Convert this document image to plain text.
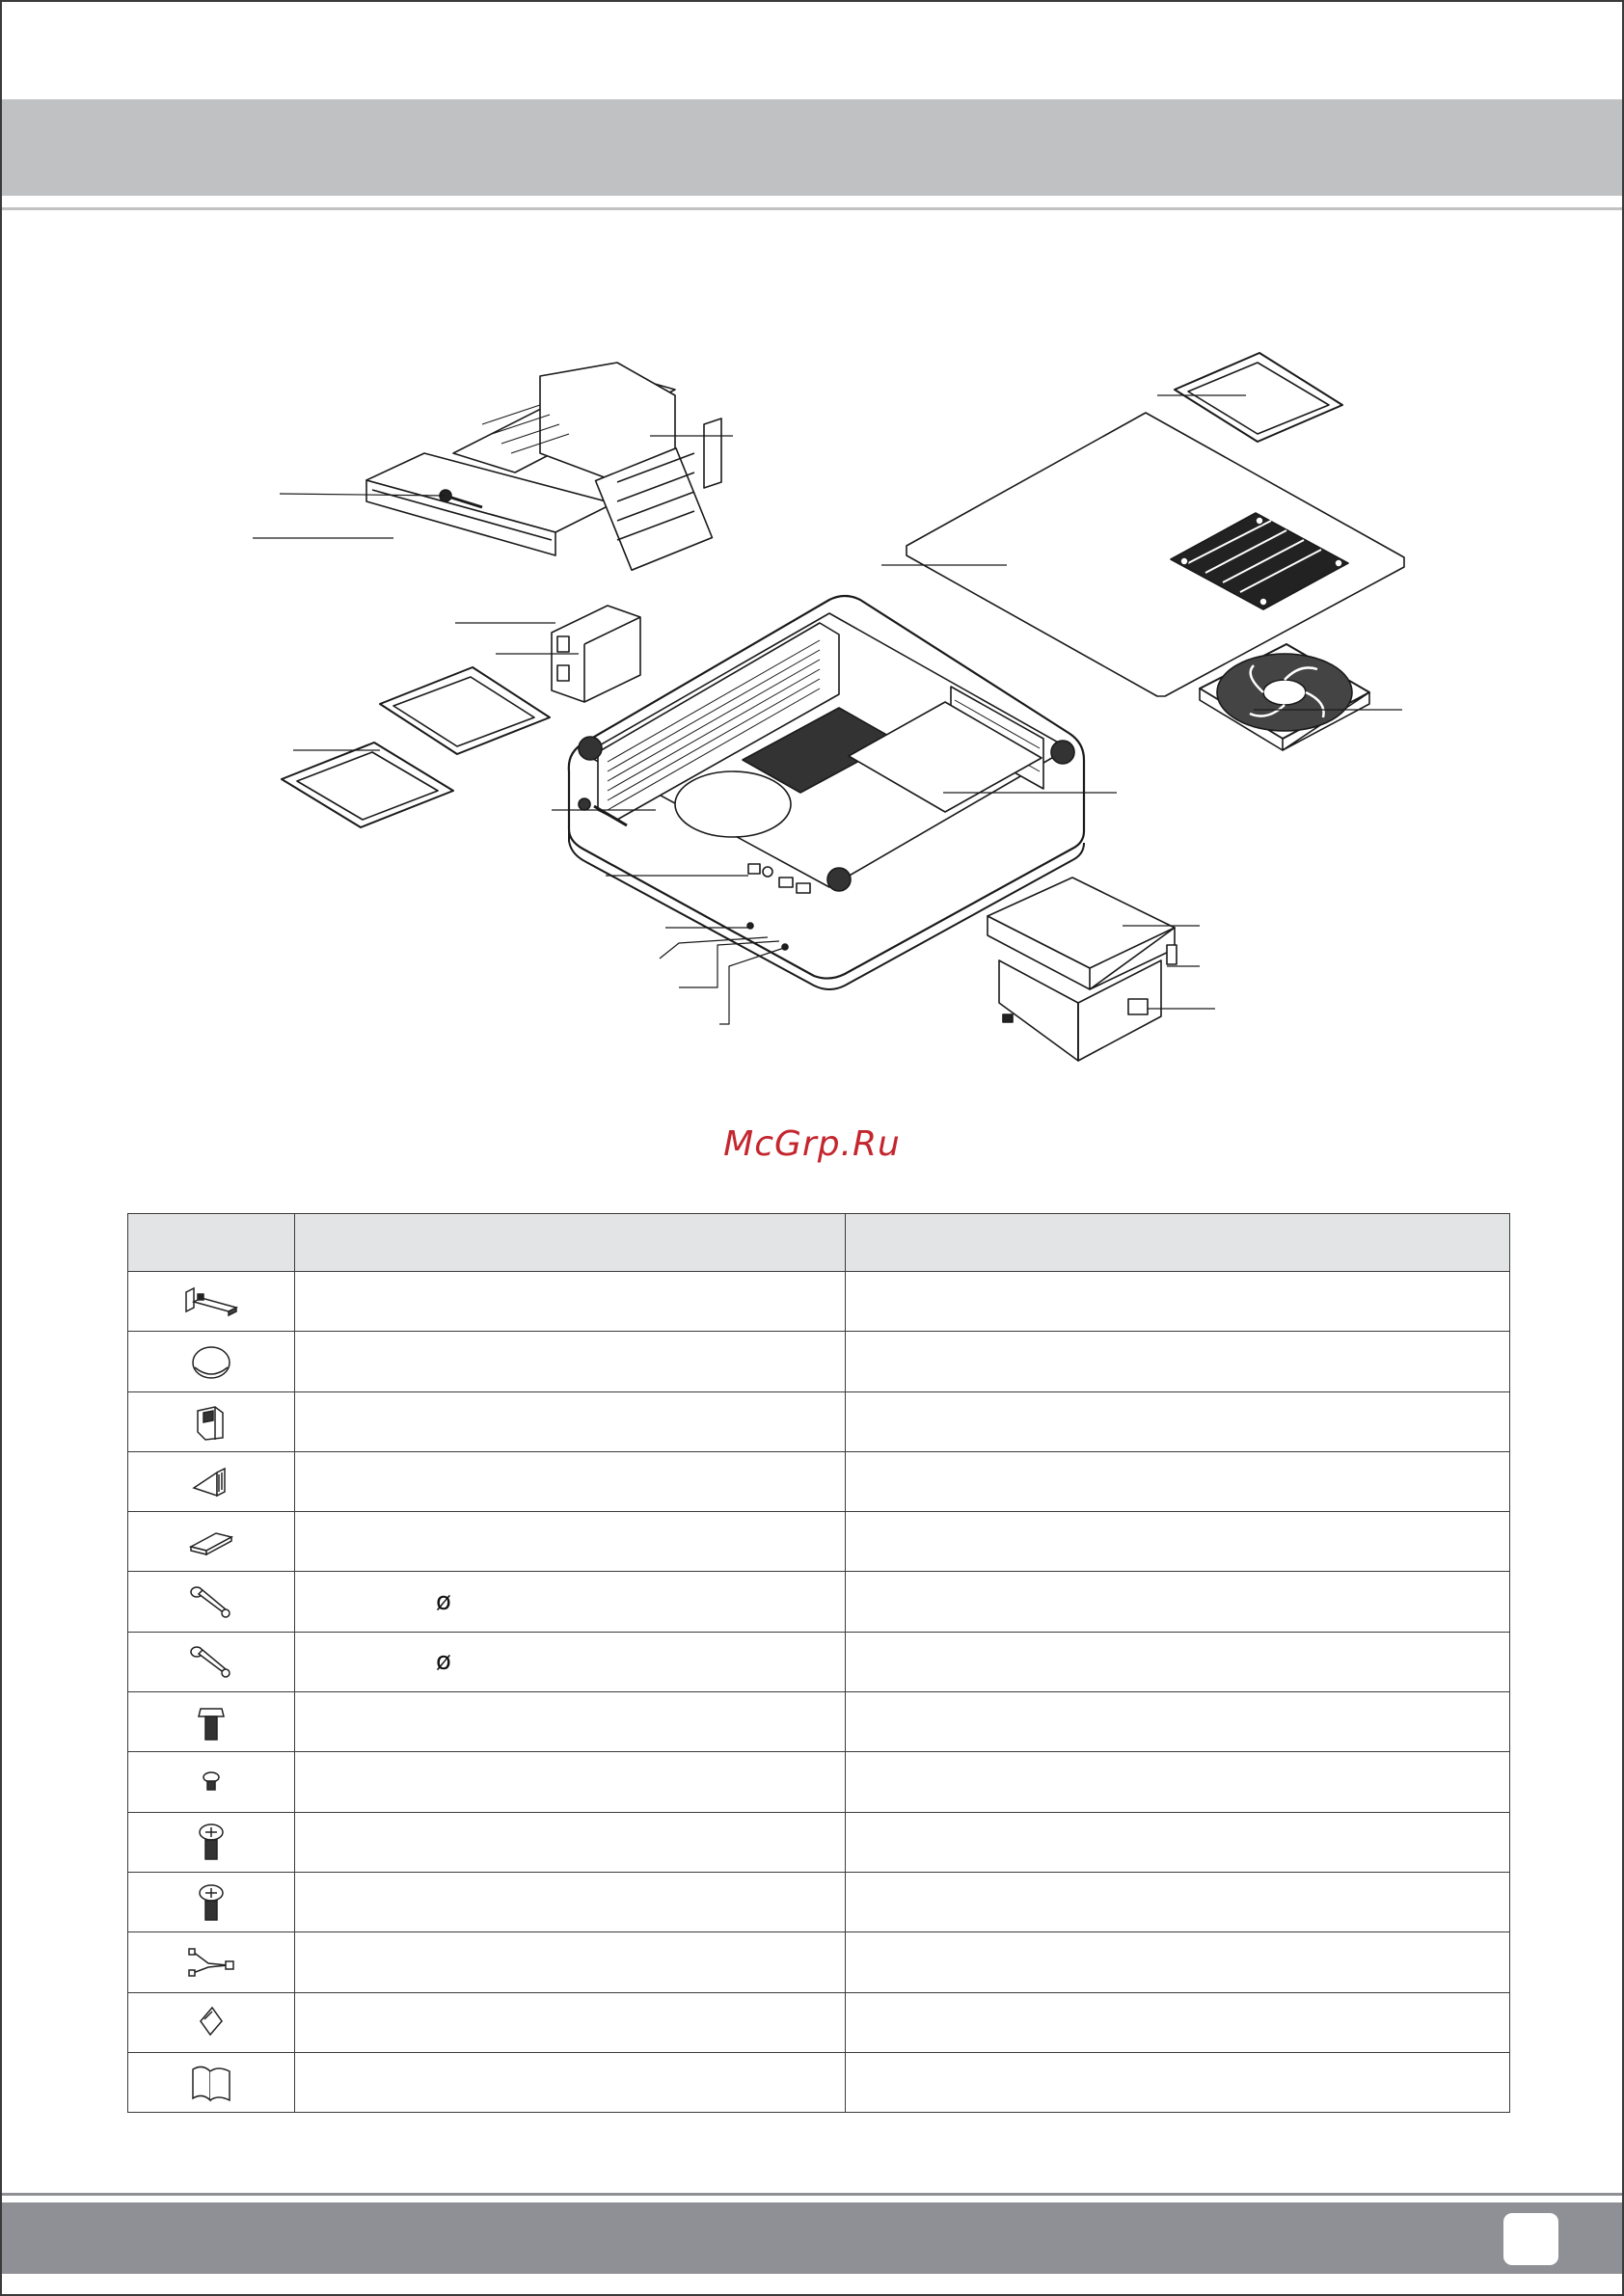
McGrp.Ru

	ø	
	ø	
